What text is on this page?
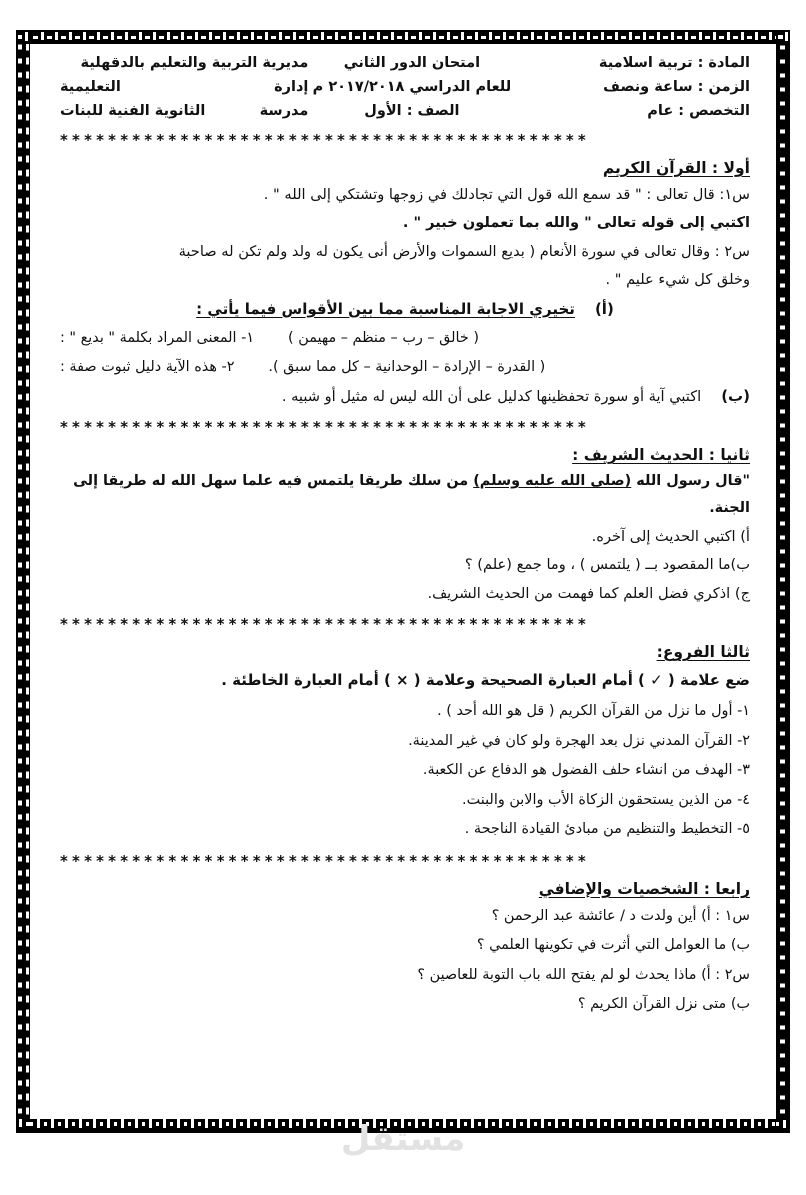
المادة : تربية اسلامية	امتحان الدور الثاني	مديرية التربية والتعليم بالدقهلية
الزمن : ساعة ونصف	للعام الدراسي ٢٠١٧/٢٠١٨ م	إدارة
التعليمية

التخصص : عام	الصف : الأول	مدرسة
الثانوية الفنية للبنات
********************************************
أولا : القرآن الكريم
س١: قال تعالى : " قد سمع الله قول التي تجادلك في زوجها وتشتكي إلى الله " .
اكتبي إلى قوله تعالى " والله بما تعملون خبير " .
س٢ : وقال تعالى في سورة الأنعام ( بديع السموات والأرض أنى يكون له ولد ولم تكن له صاحبة
وخلق كل شيء عليم " .
(أ)تخيري الاجابة المناسبة مما بين الأقواس فيما يأتي :
( خالق – رب – منظم – مهيمن )
١- المعنى المراد بكلمة " بديع " :
( القدرة – الإرادة – الوحدانية – كل مما سبق ).
٢- هذه الآية دليل ثبوت صفة :
(ب)اكتبي آية أو سورة تحفظينها كدليل على أن الله ليس له مثيل أو شبيه .
********************************************
ثانيا : الحديث الشريف :
"قال رسول الله (صلى الله عليه وسلم) من سلك طريقا يلتمس فيه علما سهل الله له طريقا إلى الجنة.
أ) اكتبي الحديث إلى آخره.
ب)ما المقصود بــ ( يلتمس ) ، وما جمع (علم) ؟
ج) اذكري فضل العلم كما فهمت من الحديث الشريف.
********************************************
ثالثا الفروع:
ضع علامة ( ✓ ) أمام العبارة الصحيحة وعلامة ( × ) أمام العبارة الخاطئة .
١- أول ما نزل من القرآن الكريم ( قل هو الله أحد ) .
٢- القرآن المدني نزل بعد الهجرة ولو كان في غير المدينة.
٣- الهدف من انشاء حلف الفضول هو الدفاع عن الكعبة.
٤- من الذين يستحقون الزكاة الأب والابن والبنت.
٥- التخطيط والتنظيم من مبادئ القيادة الناجحة .
********************************************
رابعا : الشخصيات والإضافي
س١ : أ) أين ولدت د / عائشة عبد الرحمن ؟
ب) ما العوامل التي أثرت في تكوينها العلمي ؟
س٢ : أ) ماذا يحدث لو لم يفتح الله باب التوبة للعاصين ؟
ب) متى نزل القرآن الكريم ؟
مستقل
